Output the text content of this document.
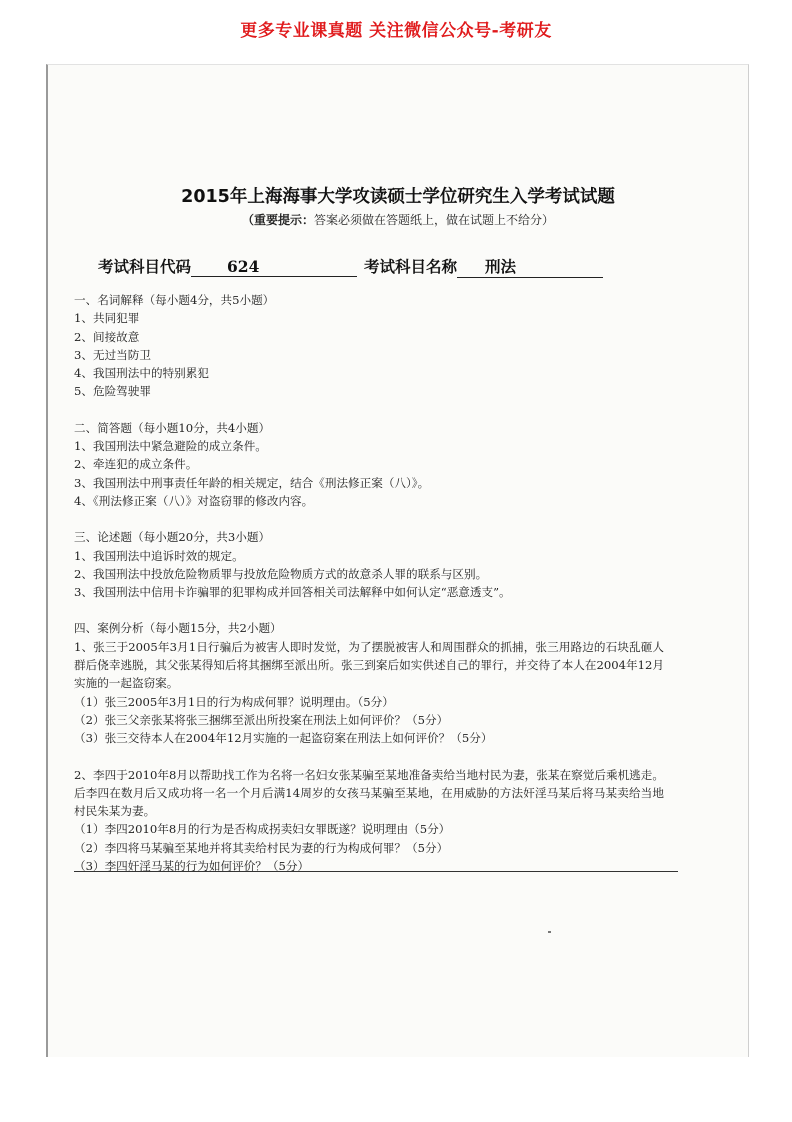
更多专业课真题 关注微信公众号-考研友
2015年上海海事大学攻读硕士学位研究生入学考试试题
（重要提示：答案必须做在答题纸上，做在试题上不给分）
考试科目代码 624	考试科目名称 刑法

一、名词解释（每小题4分，共5小题）

1、共同犯罪

2、间接故意

3、无过当防卫

4、我国刑法中的特别累犯

5、危险驾驶罪

二、简答题（每小题10分，共4小题）

1、我国刑法中紧急避险的成立条件。

2、牵连犯的成立条件。

3、我国刑法中刑事责任年龄的相关规定，结合《刑法修正案（八）》。

4、《刑法修正案（八）》对盗窃罪的修改内容。

三、论述题（每小题20分，共3小题）

1、我国刑法中追诉时效的规定。

2、我国刑法中投放危险物质罪与投放危险物质方式的故意杀人罪的联系与区别。

3、我国刑法中信用卡诈骗罪的犯罪构成并回答相关司法解释中如何认定“恶意透支”。

四、案例分析（每小题15分，共2小题）

1、张三于2005年3月1日行骗后为被害人即时发觉，为了摆脱被害人和周围群众的抓捕，张三用路边的石块乱砸人群后侥幸逃脱，其父张某得知后将其捆绑至派出所。张三到案后如实供述自己的罪行，并交待了本人在2004年12月实施的一起盗窃案。

（1）张三2005年3月1日的行为构成何罪？说明理由。（5分）

（2）张三父亲张某将张三捆绑至派出所投案在刑法上如何评价？（5分）

（3）张三交待本人在2004年12月实施的一起盗窃案在刑法上如何评价？（5分）

2、李四于2010年8月以帮助找工作为名将一名妇女张某骗至某地准备卖给当地村民为妻，张某在察觉后乘机逃走。后李四在数月后又成功将一名一个月后满14周岁的女孩马某骗至某地，在用威胁的方法奸淫马某后将马某卖给当地村民朱某为妻。

（1）李四2010年8月的行为是否构成拐卖妇女罪既遂？说明理由（5分）

（2）李四将马某骗至某地并将其卖给村民为妻的行为构成何罪？（5分）

（3）李四奸淫马某的行为如何评价？（5分）
